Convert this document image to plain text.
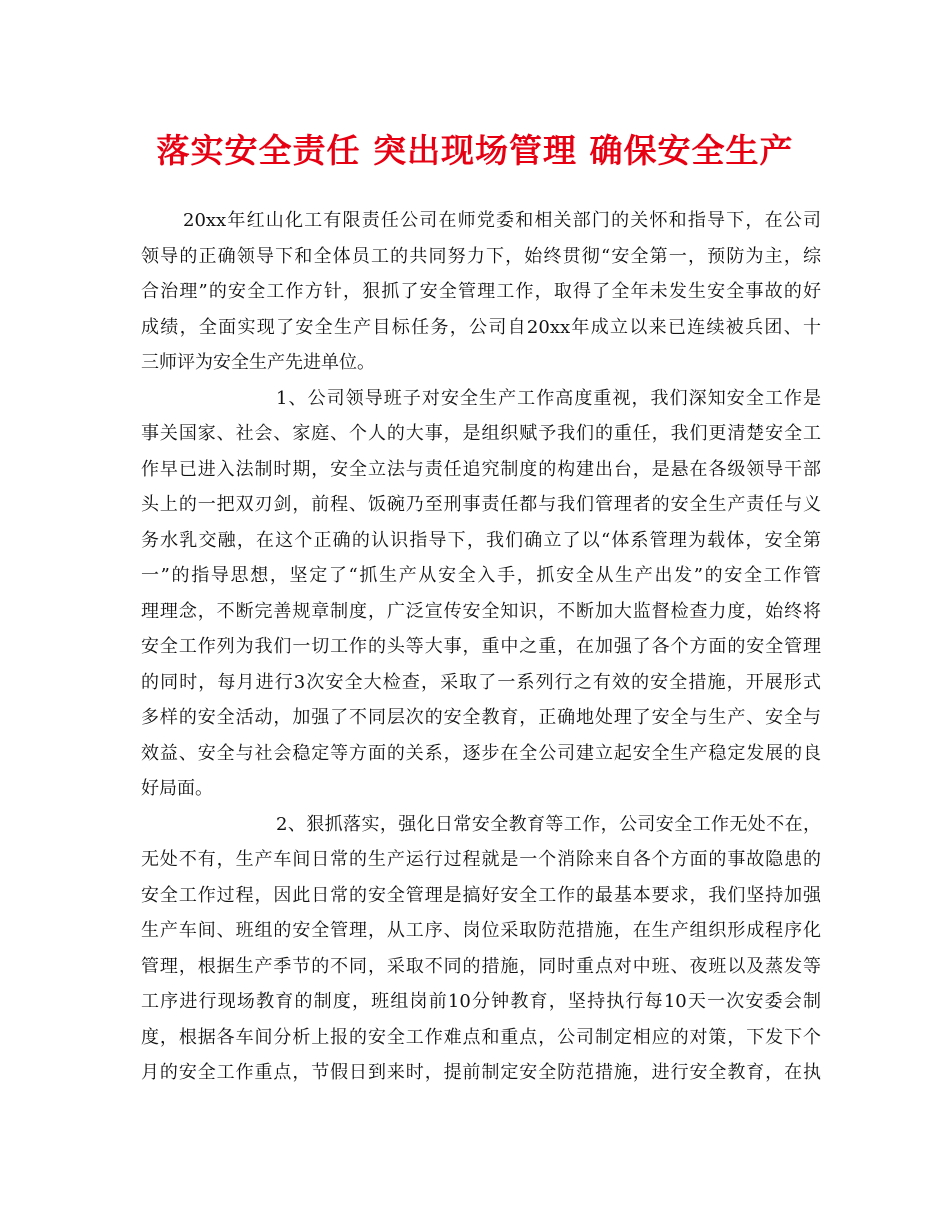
落实安全责任 突出现场管理 确保安全生产
20xx年红山化工有限责任公司在师党委和相关部门的关怀和指导下，在公司
领导的正确领导下和全体员工的共同努力下，始终贯彻“安全第一，预防为主，综
合治理”的安全工作方针，狠抓了安全管理工作，取得了全年未发生安全事故的好
成绩，全面实现了安全生产目标任务，公司自20xx年成立以来已连续被兵团、十
三师评为安全生产先进单位。
1、公司领导班子对安全生产工作高度重视，我们深知安全工作是
事关国家、社会、家庭、个人的大事，是组织赋予我们的重任，我们更清楚安全工
作早已进入法制时期，安全立法与责任追究制度的构建出台，是悬在各级领导干部
头上的一把双刃剑，前程、饭碗乃至刑事责任都与我们管理者的安全生产责任与义
务水乳交融，在这个正确的认识指导下，我们确立了以“体系管理为载体，安全第
一”的指导思想，坚定了“抓生产从安全入手，抓安全从生产出发”的安全工作管
理理念，不断完善规章制度，广泛宣传安全知识，不断加大监督检查力度，始终将
安全工作列为我们一切工作的头等大事，重中之重，在加强了各个方面的安全管理
的同时，每月进行3次安全大检查，采取了一系列行之有效的安全措施，开展形式
多样的安全活动，加强了不同层次的安全教育，正确地处理了安全与生产、安全与
效益、安全与社会稳定等方面的关系，逐步在全公司建立起安全生产稳定发展的良
好局面。
2、狠抓落实，强化日常安全教育等工作，公司安全工作无处不在，
无处不有，生产车间日常的生产运行过程就是一个消除来自各个方面的事故隐患的
安全工作过程，因此日常的安全管理是搞好安全工作的最基本要求，我们坚持加强
生产车间、班组的安全管理，从工序、岗位采取防范措施，在生产组织形成程序化
管理，根据生产季节的不同，采取不同的措施，同时重点对中班、夜班以及蒸发等
工序进行现场教育的制度，班组岗前10分钟教育，坚持执行每10天一次安委会制
度，根据各车间分析上报的安全工作难点和重点，公司制定相应的对策，下发下个
月的安全工作重点，节假日到来时，提前制定安全防范措施，进行安全教育，在执
